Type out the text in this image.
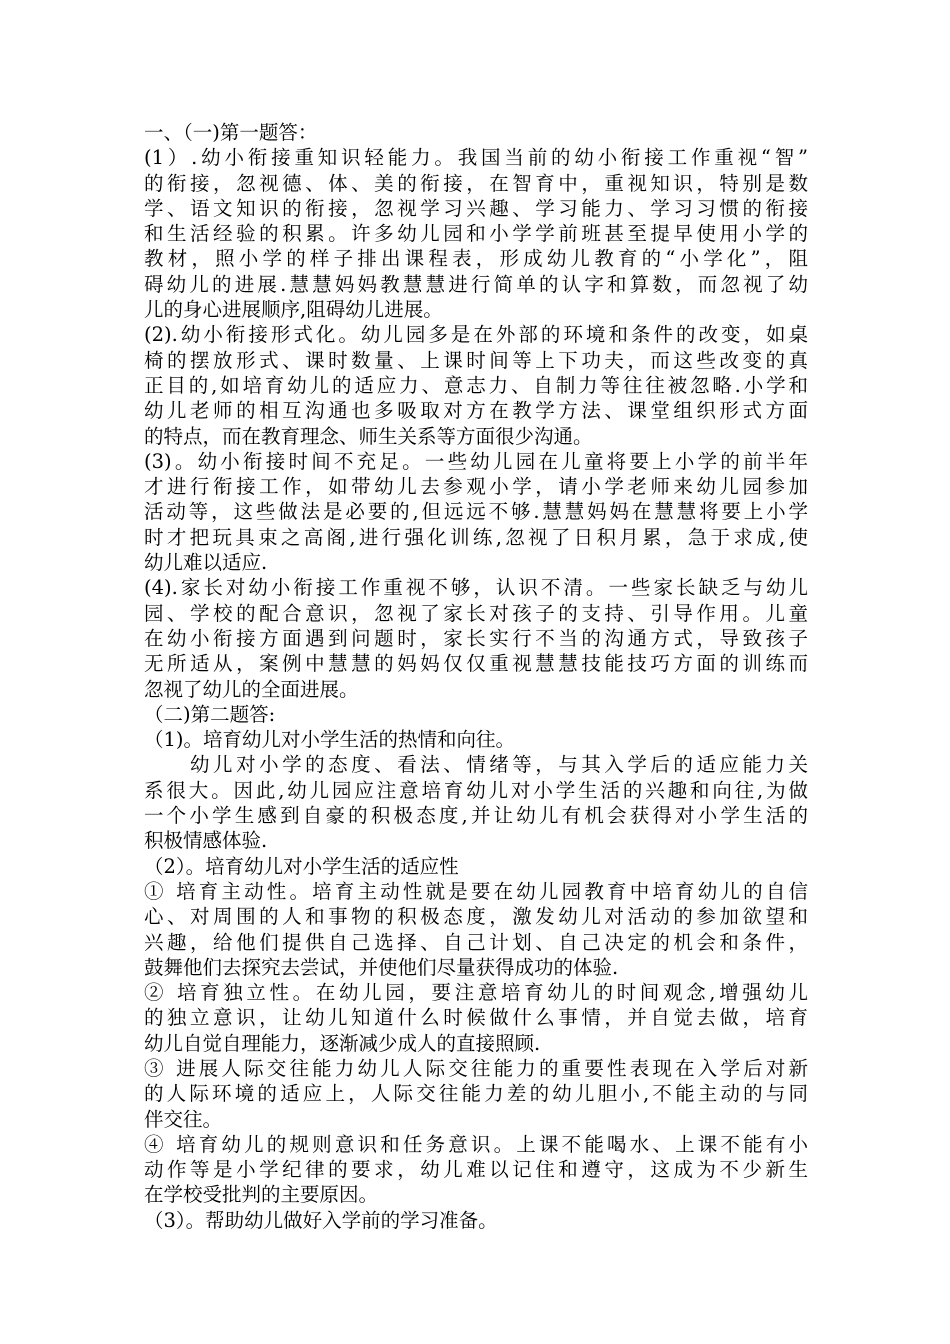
一、（一)第一题答：
(1）.幼小衔接重知识轻能力。我国当前的幼小衔接工作重视“智”
的衔接，忽视德、体、美的衔接，在智育中，重视知识，特别是数
学、语文知识的衔接，忽视学习兴趣、学习能力、学习习惯的衔接
和生活经验的积累。许多幼儿园和小学学前班甚至提早使用小学的
教材，照小学的样子排出课程表，形成幼儿教育的“小学化”，阻
碍幼儿的进展.慧慧妈妈教慧慧进行简单的认字和算数，而忽视了幼
儿的身心进展顺序,阻碍幼儿进展。
(2).幼小衔接形式化。幼儿园多是在外部的环境和条件的改变，如桌
椅的摆放形式、课时数量、上课时间等上下功夫，而这些改变的真
正目的,如培育幼儿的适应力、意志力、自制力等往往被忽略.小学和
幼儿老师的相互沟通也多吸取对方在教学方法、课堂组织形式方面
的特点，而在教育理念、师生关系等方面很少沟通。
(3)。幼小衔接时间不充足。一些幼儿园在儿童将要上小学的前半年
才进行衔接工作，如带幼儿去参观小学，请小学老师来幼儿园参加
活动等，这些做法是必要的,但远远不够.慧慧妈妈在慧慧将要上小学
时才把玩具束之高阁,进行强化训练,忽视了日积月累，急于求成,使
幼儿难以适应.
(4).家长对幼小衔接工作重视不够，认识不清。一些家长缺乏与幼儿
园、学校的配合意识，忽视了家长对孩子的支持、引导作用。儿童
在幼小衔接方面遇到问题时，家长实行不当的沟通方式，导致孩子
无所适从，案例中慧慧的妈妈仅仅重视慧慧技能技巧方面的训练而
忽视了幼儿的全面进展。
（二)第二题答:
（1)。培育幼儿对小学生活的热情和向往。
　　幼儿对小学的态度、看法、情绪等，与其入学后的适应能力关
系很大。因此,幼儿园应注意培育幼儿对小学生活的兴趣和向往,为做
一个小学生感到自豪的积极态度,并让幼儿有机会获得对小学生活的
积极情感体验.
（2）。培育幼儿对小学生活的适应性
① 培育主动性。培育主动性就是要在幼儿园教育中培育幼儿的自信
心、对周围的人和事物的积极态度，激发幼儿对活动的参加欲望和
兴趣，给他们提供自己选择、自己计划、自己决定的机会和条件，
鼓舞他们去探究去尝试，并使他们尽量获得成功的体验.
② 培育独立性。在幼儿园，要注意培育幼儿的时间观念,增强幼儿
的独立意识，让幼儿知道什么时候做什么事情，并自觉去做，培育
幼儿自觉自理能力，逐渐减少成人的直接照顾.
③ 进展人际交往能力幼儿人际交往能力的重要性表现在入学后对新
的人际环境的适应上，人际交往能力差的幼儿胆小,不能主动的与同
伴交往。
④ 培育幼儿的规则意识和任务意识。上课不能喝水、上课不能有小
动作等是小学纪律的要求，幼儿难以记住和遵守，这成为不少新生
在学校受批判的主要原因。
（3）。帮助幼儿做好入学前的学习准备。
